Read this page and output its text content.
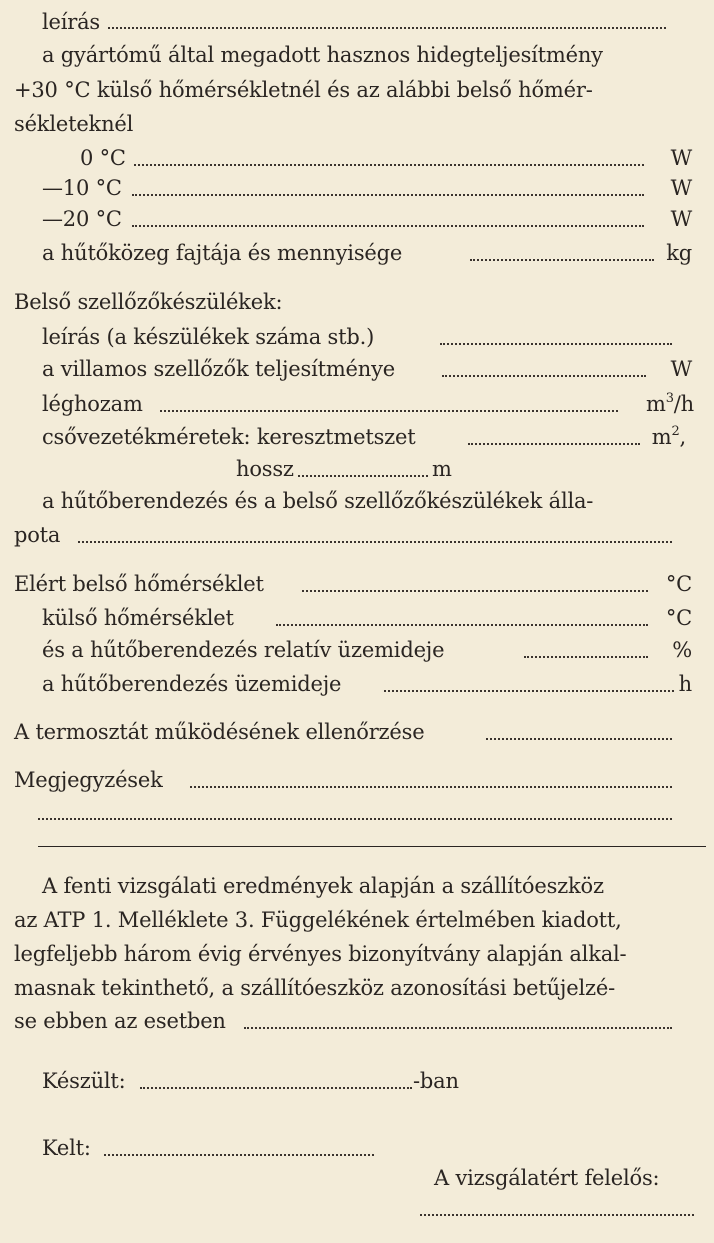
leírás
a gyártómű által megadott hasznos hidegteljesítmény
+30 °C külső hőmérsékletnél és az alábbi belső hőmér-
sékleteknél
0 °C	W
—10 °C	W
—20 °C	W
a hűtőközeg fajtája és mennyisége	kg
Belső szellőzőkészülékek:
leírás (a készülékek száma stb.)
a villamos szellőzők teljesítménye	W
léghozam	$m^3/h$
csővezetékméretek: keresztmetszet	$m^2$,
hossz	m
a hűtőberendezés és a belső szellőzőkészülékek álla-
pota
Elért belső hőmérséklet	°C
külső hőmérséklet	°C
és a hűtőberendezés relatív üzemideje	%
a hűtőberendezés üzemideje	h
A termosztát működésének ellenőrzése
Megjegyzések
A fenti vizsgálati eredmények alapján a szállítóeszköz
az ATP 1. Melléklete 3. Függelékének értelmében kiadott,
legfeljebb három évig érvényes bizonyítvány alapján alkal-
masnak tekinthető, a szállítóeszköz azonosítási betűjelzé-
se ebben az esetben
Készült:	-ban
Kelt:
A vizsgálatért felelős:
